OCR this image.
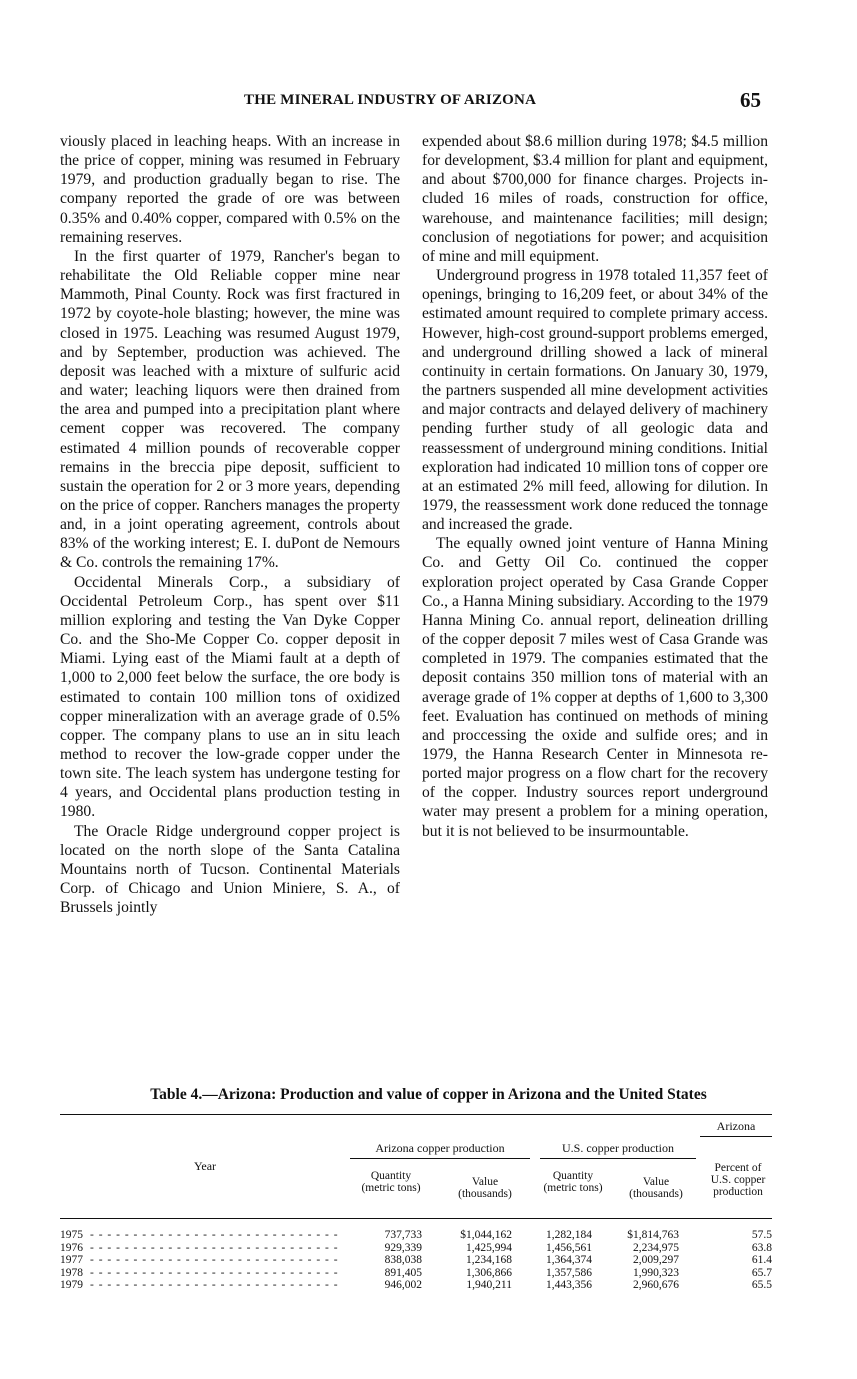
THE MINERAL INDUSTRY OF ARIZONA	65

viously placed in leaching heaps. With an increase in the price of copper, mining was resumed in February 1979, and production gradually began to rise. The company reported the grade of ore was between 0.35% and 0.40% copper, compared with 0.5% on the remaining reserves.

In the first quarter of 1979, Rancher's began to rehabilitate the Old Reliable copper mine near Mammoth, Pinal County. Rock was first fractured in 1972 by coyote-hole blasting; however, the mine was closed in 1975. Leaching was resumed August 1979, and by September, production was achieved. The deposit was leached with a mixture of sulfuric acid and water; leaching liquors were then drained from the area and pumped into a precipitation plant where cement copper was recovered. The company estimated 4 million pounds of recoverable copper remains in the breccia pipe deposit, sufficient to sustain the operation for 2 or 3 more years, depending on the price of copper. Ranchers manages the property and, in a joint operating agreement, controls about 83% of the working interest; E. I. duPont de Nemours & Co. controls the remaining 17%.

Occidental Minerals Corp., a subsidiary of Occidental Petroleum Corp., has spent over $11 million exploring and testing the Van Dyke Copper Co. and the Sho-Me Copper Co. copper deposit in Miami. Lying east of the Miami fault at a depth of 1,000 to 2,000 feet below the surface, the ore body is estimated to contain 100 million tons of oxidized copper mineralization with an average grade of 0.5% copper. The company plans to use an in situ leach method to recover the low-grade copper under the town site. The leach system has undergone testing for 4 years, and Occidental plans production testing in 1980.

The Oracle Ridge underground copper project is located on the north slope of the Santa Catalina Mountains north of Tucson. Continental Materials Corp. of Chicago and Union Miniere, S. A., of Brussels jointly

expended about $8.6 million during 1978; $4.5 million for development, $3.4 million for plant and equipment, and about $700,000 for finance charges. Projects included 16 miles of roads, construction for office, warehouse, and maintenance facilities; mill design; conclusion of negotiations for power; and acquisition of mine and mill equipment.

Underground progress in 1978 totaled 11,357 feet of openings, bringing to 16,209 feet, or about 34% of the estimated amount required to complete primary access. However, high-cost ground-support problems emerged, and underground drilling showed a lack of mineral continuity in certain formations. On January 30, 1979, the partners suspended all mine development activities and major contracts and delayed delivery of machinery pending further study of all geologic data and reassessment of underground mining conditions. Initial exploration had indicated 10 million tons of copper ore at an estimated 2% mill feed, allowing for dilution. In 1979, the reassessment work done reduced the tonnage and increased the grade.

The equally owned joint venture of Hanna Mining Co. and Getty Oil Co. continued the copper exploration project operated by Casa Grande Copper Co., a Hanna Mining subsidiary. According to the 1979 Hanna Mining Co. annual report, delineation drilling of the copper deposit 7 miles west of Casa Grande was completed in 1979. The companies estimated that the deposit contains 350 million tons of material with an average grade of 1% copper at depths of 1,600 to 3,300 feet. Evaluation has continued on methods of mining and proccessing the oxide and sulfide ores; and in 1979, the Hanna Research Center in Minnesota reported major progress on a flow chart for the recovery of the copper. Industry sources report underground water may present a problem for a mining operation, but it is not believed to be insurmountable.

Table 4.—Arizona: Production and value of copper in Arizona and the United States
Arizona
Arizona copper production	U.S. copper production
Year
Quantity (metric tons)	Value (thousands)
Quantity (metric tons)	Value (thousands)
Percent of U.S. copper production
1975 - - - - - - - - - - - - - - - - - - - - - - - - - - - - -	737,733	$1,044,162	1,282,184	$1,814,763	57.5
1976 - - - - - - - - - - - - - - - - - - - - - - - - - - - - -	929,339	1,425,994	1,456,561	2,234,975	63.8
1977 - - - - - - - - - - - - - - - - - - - - - - - - - - - - -	838,038	1,234,168	1,364,374	2,009,297	61.4
1978 - - - - - - - - - - - - - - - - - - - - - - - - - - - - -	891,405	1,306,866	1,357,586	1,990,323	65.7
1979 - - - - - - - - - - - - - - - - - - - - - - - - - - - - -	946,002	1,940,211	1,443,356	2,960,676	65.5
